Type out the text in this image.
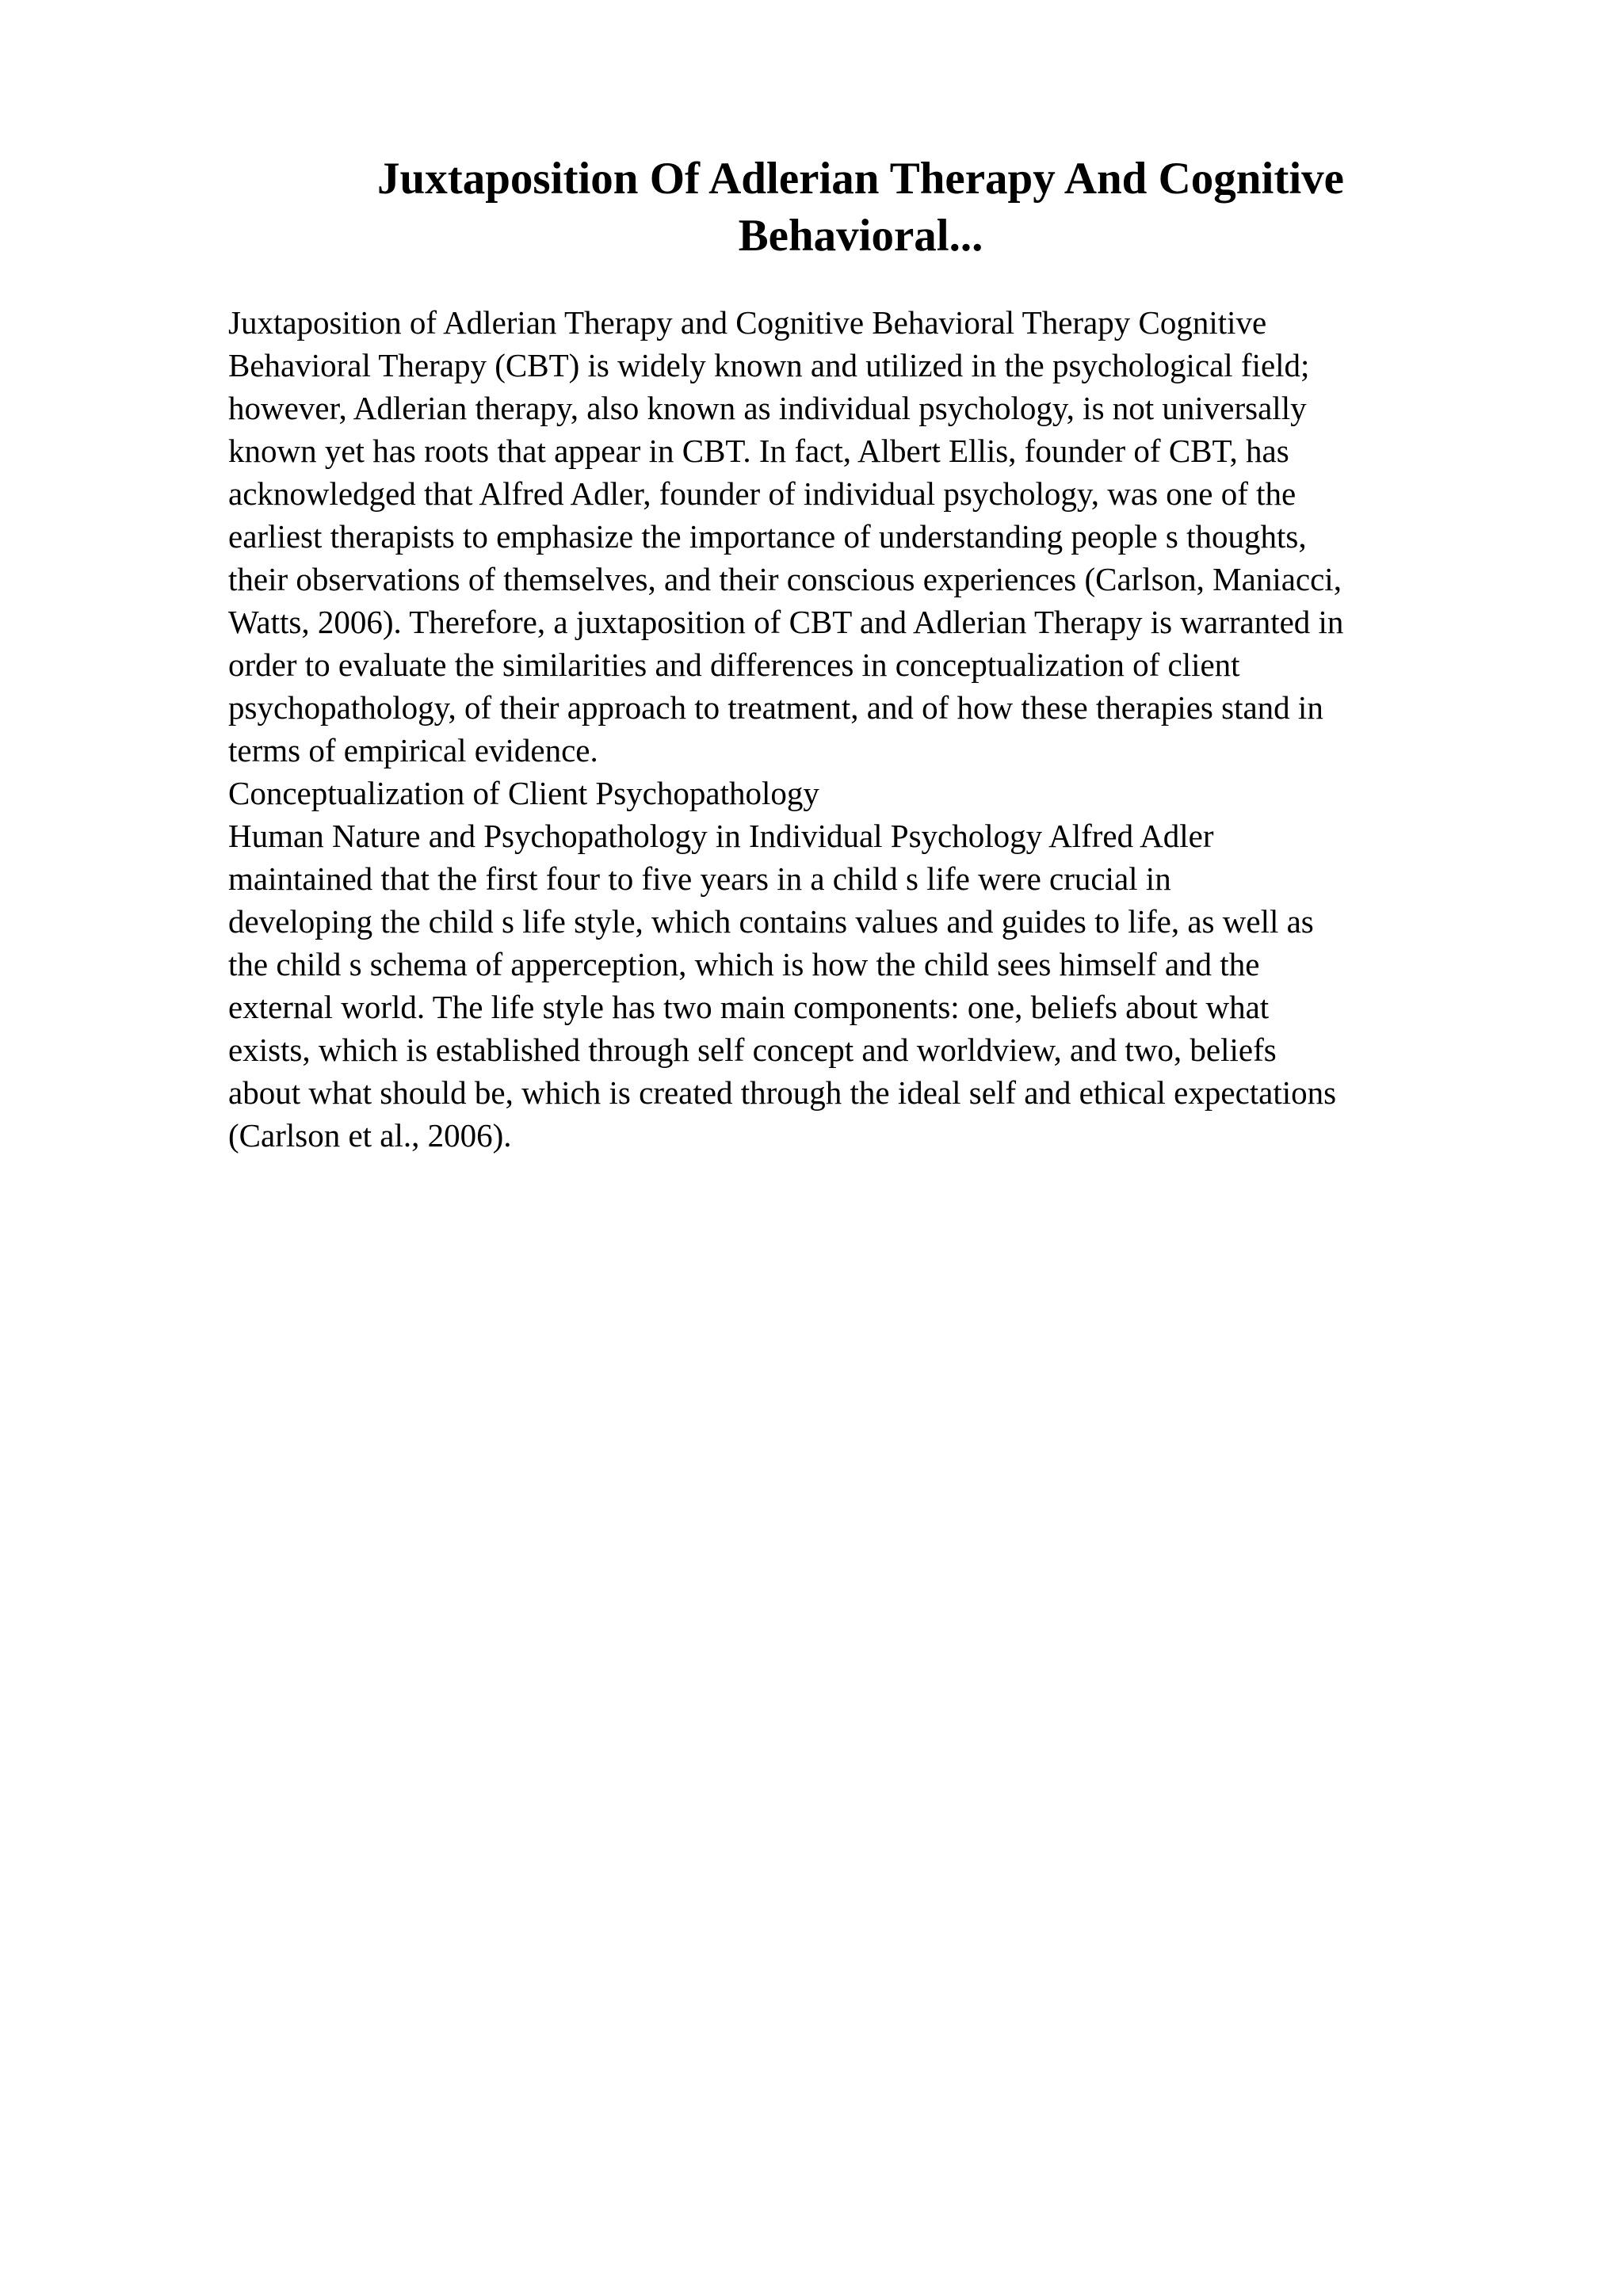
Juxtaposition Of Adlerian Therapy And Cognitive
Behavioral...
Juxtaposition of Adlerian Therapy and Cognitive Behavioral Therapy Cognitive
Behavioral Therapy (CBT) is widely known and utilized in the psychological field;
however, Adlerian therapy, also known as individual psychology, is not universally
known yet has roots that appear in CBT. In fact, Albert Ellis, founder of CBT, has
acknowledged that Alfred Adler, founder of individual psychology, was one of the
earliest therapists to emphasize the importance of understanding people s thoughts,
their observations of themselves, and their conscious experiences (Carlson, Maniacci,
Watts, 2006). Therefore, a juxtaposition of CBT and Adlerian Therapy is warranted in
order to evaluate the similarities and differences in conceptualization of client
psychopathology, of their approach to treatment, and of how these therapies stand in
terms of empirical evidence.
Conceptualization of Client Psychopathology
Human Nature and Psychopathology in Individual Psychology Alfred Adler
maintained that the first four to five years in a child s life were crucial in
developing the child s life style, which contains values and guides to life, as well as
the child s schema of apperception, which is how the child sees himself and the
external world. The life style has two main components: one, beliefs about what
exists, which is established through self concept and worldview, and two, beliefs
about what should be, which is created through the ideal self and ethical expectations
(Carlson et al., 2006).
